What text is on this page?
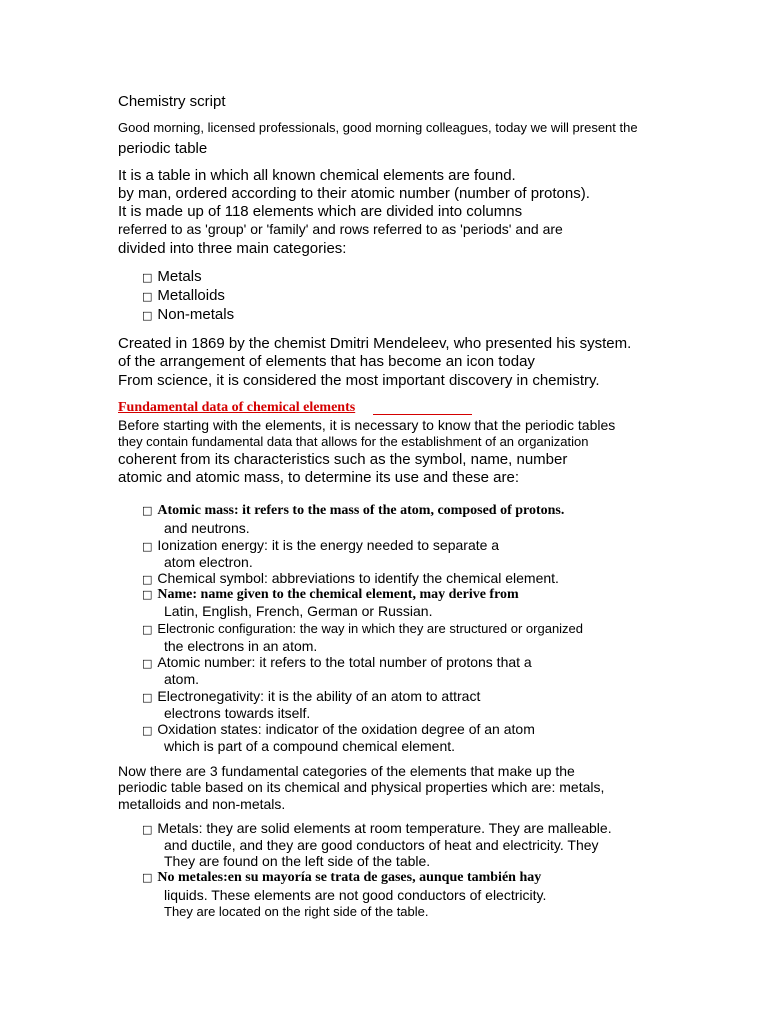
Chemistry script
Good morning, licensed professionals, good morning colleagues, today we will present the
periodic table
It is a table in which all known chemical elements are found.
by man, ordered according to their atomic number (number of protons).
It is made up of 118 elements which are divided into columns
referred to as 'group' or 'family' and rows referred to as 'periods' and are
divided into three main categories:
□ Metals
□ Metalloids
□ Non-metals
Created in 1869 by the chemist Dmitri Mendeleev, who presented his system.
of the arrangement of elements that has become an icon today
From science, it is considered the most important discovery in chemistry.
Fundamental data of chemical elements
Before starting with the elements, it is necessary to know that the periodic tables
they contain fundamental data that allows for the establishment of an organization
coherent from its characteristics such as the symbol, name, number
atomic and atomic mass, to determine its use and these are:
□ Atomic mass: it refers to the mass of the atom, composed of protons.
and neutrons.
□ Ionization energy: it is the energy needed to separate a
atom electron.
□ Chemical symbol: abbreviations to identify the chemical element.
□ Name: name given to the chemical element, may derive from
Latin, English, French, German or Russian.
□ Electronic configuration: the way in which they are structured or organized
the electrons in an atom.
□ Atomic number: it refers to the total number of protons that a
atom.
□ Electronegativity: it is the ability of an atom to attract
electrons towards itself.
□ Oxidation states: indicator of the oxidation degree of an atom
which is part of a compound chemical element.
Now there are 3 fundamental categories of the elements that make up the
periodic table based on its chemical and physical properties which are: metals,
metalloids and non-metals.
□ Metals: they are solid elements at room temperature. They are malleable.
and ductile, and they are good conductors of heat and electricity. They
They are found on the left side of the table.
□ No metales:en su mayoría se trata de gases, aunque también hay
liquids. These elements are not good conductors of electricity.
They are located on the right side of the table.
